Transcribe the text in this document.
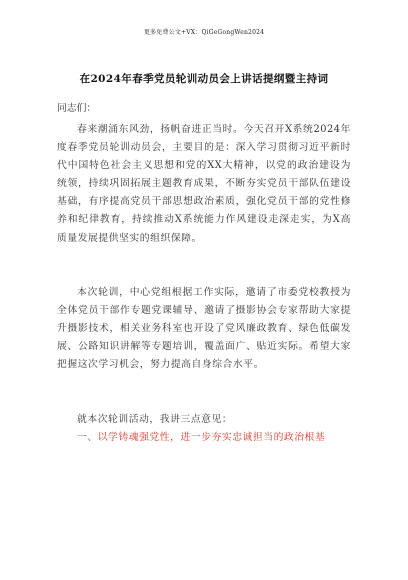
更多免费公文+VX：QiGeGongWen2024
在2024年春季党员轮训动员会上讲话提纲暨主持词
同志们：

春来潮涌东风劲，扬帆奋进正当时。今天召开X系统2024年度春季党员轮训动员会，主要目的是：深入学习贯彻习近平新时代中国特色社会主义思想和党的XX大精神，以党的政治建设为统领，持续巩固拓展主题教育成果，不断夯实党员干部队伍建设基础，有序提高党员干部思想政治素质，强化党员干部的党性修养和纪律教育，持续推动X系统能力作风建设走深走实，为X高质量发展提供坚实的组织保障。

本次轮训，中心党组根据工作实际，邀请了市委党校教授为全体党员干部作专题党课辅导、邀请了摄影协会专家帮助大家提升摄影技术，相关业务科室也开设了党风廉政教育、绿色低碳发展、公路知识讲解等专题培训，覆盖面广、贴近实际。希望大家把握这次学习机会，努力提高自身综合水平。

就本次轮训活动，我讲三点意见：

一、以学铸魂强党性，进一步夯实忠诚担当的政治根基
